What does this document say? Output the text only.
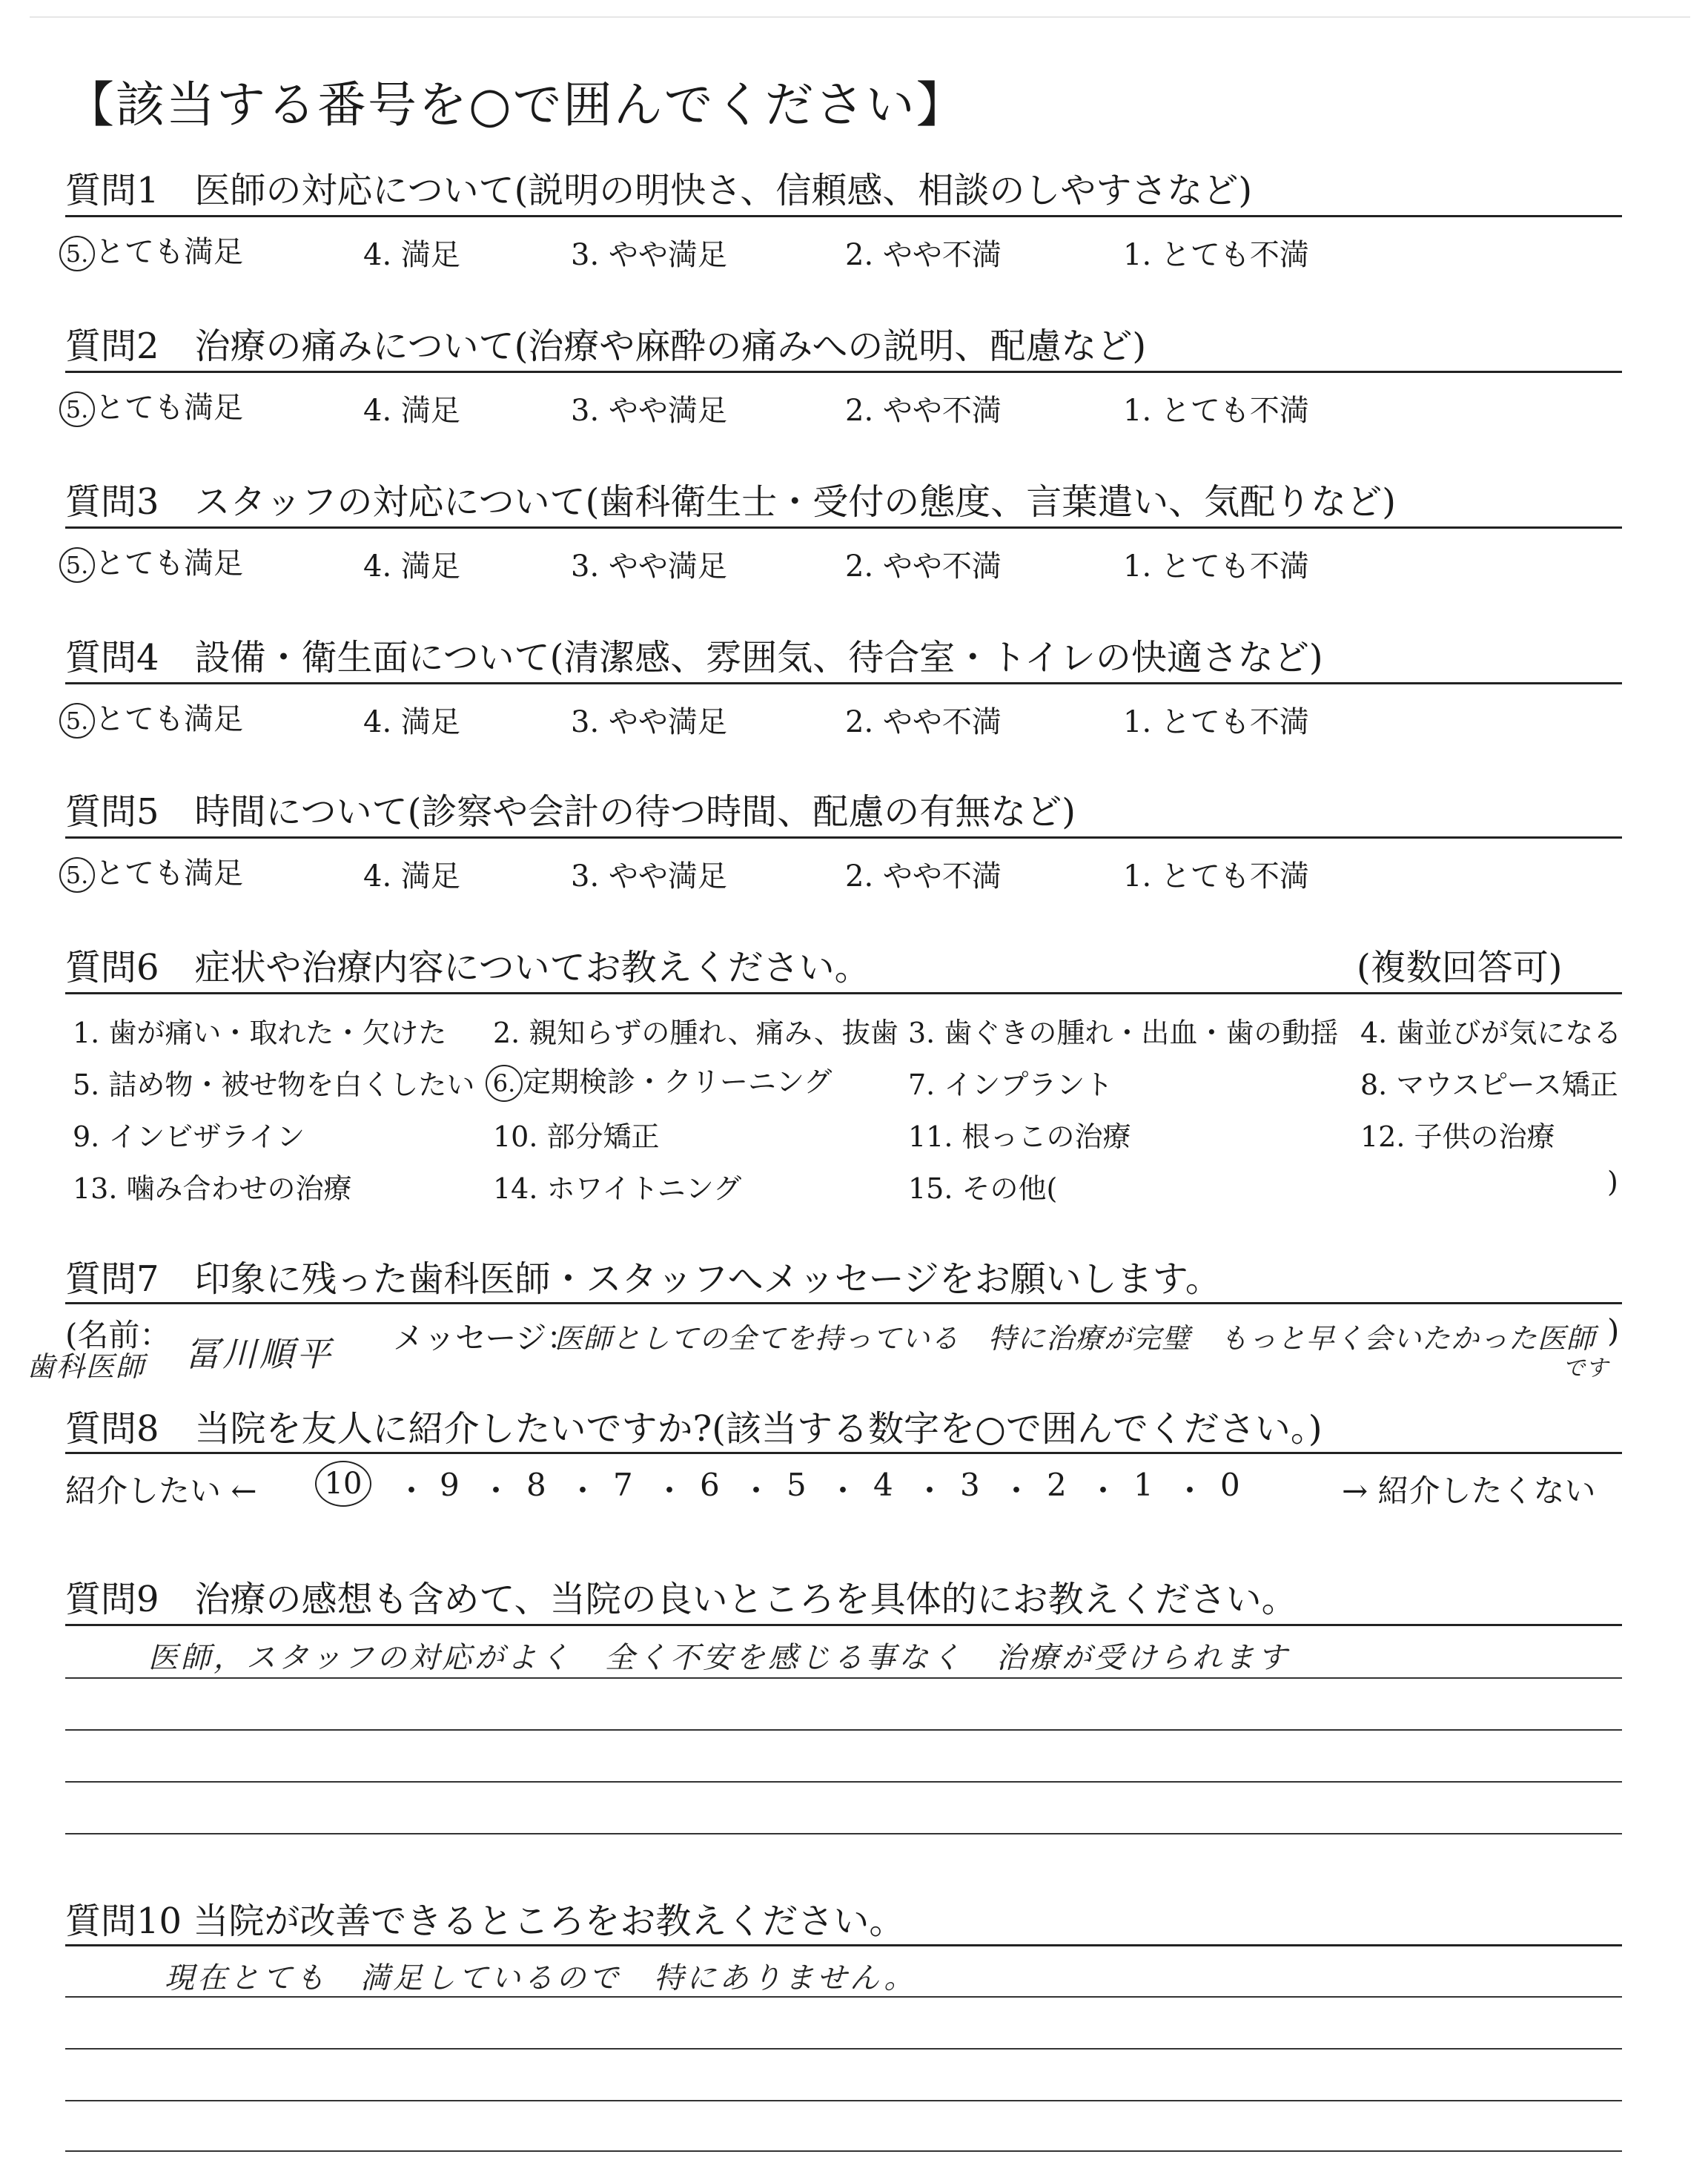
【該当する番号を○で囲んでください】
質問1　医師の対応について(説明の明快さ、信頼感、相談のしやすさなど)
5. とても満足	4. 満足	3. やや満足	2. やや不満	1. とても不満
質問2　治療の痛みについて(治療や麻酔の痛みへの説明、配慮など)
5. とても満足	4. 満足	3. やや満足	2. やや不満	1. とても不満
質問3　スタッフの対応について(歯科衛生士・受付の態度、言葉遣い、気配りなど)
5. とても満足	4. 満足	3. やや満足	2. やや不満	1. とても不満
質問4　設備・衛生面について(清潔感、雰囲気、待合室・トイレの快適さなど)
5. とても満足	4. 満足	3. やや満足	2. やや不満	1. とても不満
質問5　時間について(診察や会計の待つ時間、配慮の有無など)
5. とても満足	4. 満足	3. やや満足	2. やや不満	1. とても不満
質問6　症状や治療内容についてお教えください。	(複数回答可)
1. 歯が痛い・取れた・欠けた 2. 親知らずの腫れ、痛み、抜歯 3. 歯ぐきの腫れ・出血・歯の動揺 4. 歯並びが気になる
5. 詰め物・被せ物を白くしたい 6. 定期検診・クリーニング	7. インプラント	8. マウスピース矯正
9. インビザライン	10. 部分矯正	11. 根っこの治療	12. 子供の治療
13. 噛み合わせの治療	14. ホワイトニング	15. その他(	)
質問7　印象に残った歯科医師・スタッフへメッセージをお願いします。
(名前：
歯科医師 冨川順平 メッセージ：
医師としての全てを持っている　特に治療が完璧　もっと早く会いたかった医師 )
です
質問8　当院を友人に紹介したいですか?(該当する数字を○で囲んでください。)
紹介したい ←	10 ・ 9 ・ 8 ・ 7 ・ 6 ・ 5 ・ 4 ・ 3 ・ 2 ・ 1 ・ 0	→ 紹介したくない
質問9　治療の感想も含めて、当院の良いところを具体的にお教えください。
医師，スタッフの対応がよく　全く不安を感じる事なく　治療が受けられます
質問10 当院が改善できるところをお教えください。
現在とても　満足しているので　特にありません。
